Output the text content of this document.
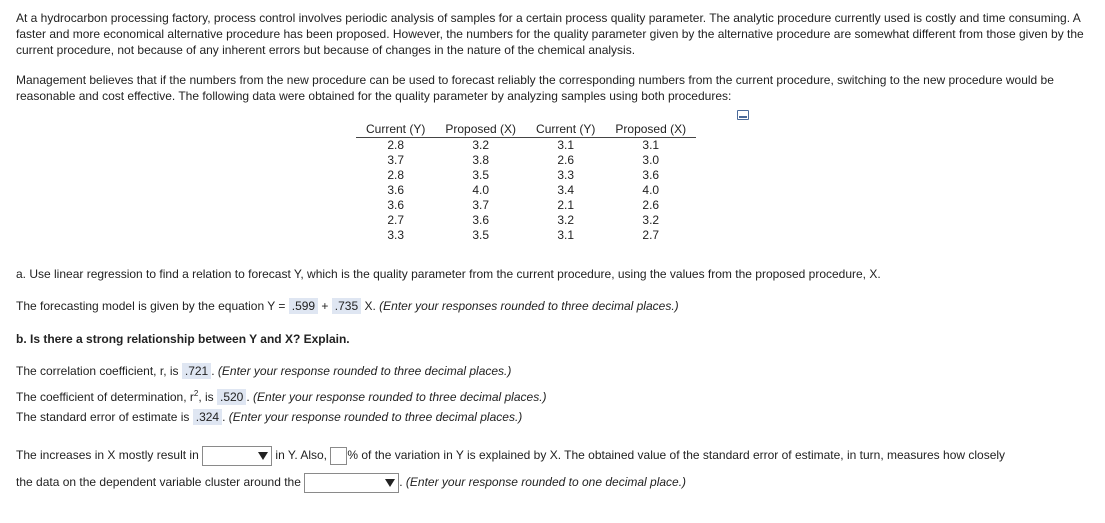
At a hydrocarbon processing factory, process control involves periodic analysis of samples for a certain process quality parameter. The analytic procedure currently used is costly and time consuming. A faster and more economical alternative procedure has been proposed. However, the numbers for the quality parameter given by the alternative procedure are somewhat different from those given by the current procedure, not because of any inherent errors but because of changes in the nature of the chemical analysis.
Management believes that if the numbers from the new procedure can be used to forecast reliably the corresponding numbers from the current procedure, switching to the new procedure would be reasonable and cost effective. The following data were obtained for the quality parameter by analyzing samples using both procedures:
Current (Y)	Proposed (X)	Current (Y)	Proposed (X)
2.8	3.2	3.1	3.1
3.7	3.8	2.6	3.0
2.8	3.5	3.3	3.6
3.6	4.0	3.4	4.0
3.6	3.7	2.1	2.6
2.7	3.6	3.2	3.2
3.3	3.5	3.1	2.7
a. Use linear regression to find a relation to forecast Y, which is the quality parameter from the current procedure, using the values from the proposed procedure, X.
The forecasting model is given by the equation Y = .599 + .735 X. (Enter your responses rounded to three decimal places.)
b. Is there a strong relationship between Y and X? Explain.
The correlation coefficient, r, is .721 . (Enter your response rounded to three decimal places.)
The coefficient of determination, $r^2$, is .520 . (Enter your response rounded to three decimal places.)
The standard error of estimate is .324 . (Enter your response rounded to three decimal places.)
The increases in X mostly result in	in Y. Also, % of the variation in Y is explained by X. The obtained value of the standard error of estimate, in turn, measures how closely
the data on the dependent variable cluster around the	. (Enter your response rounded to one decimal place.)
